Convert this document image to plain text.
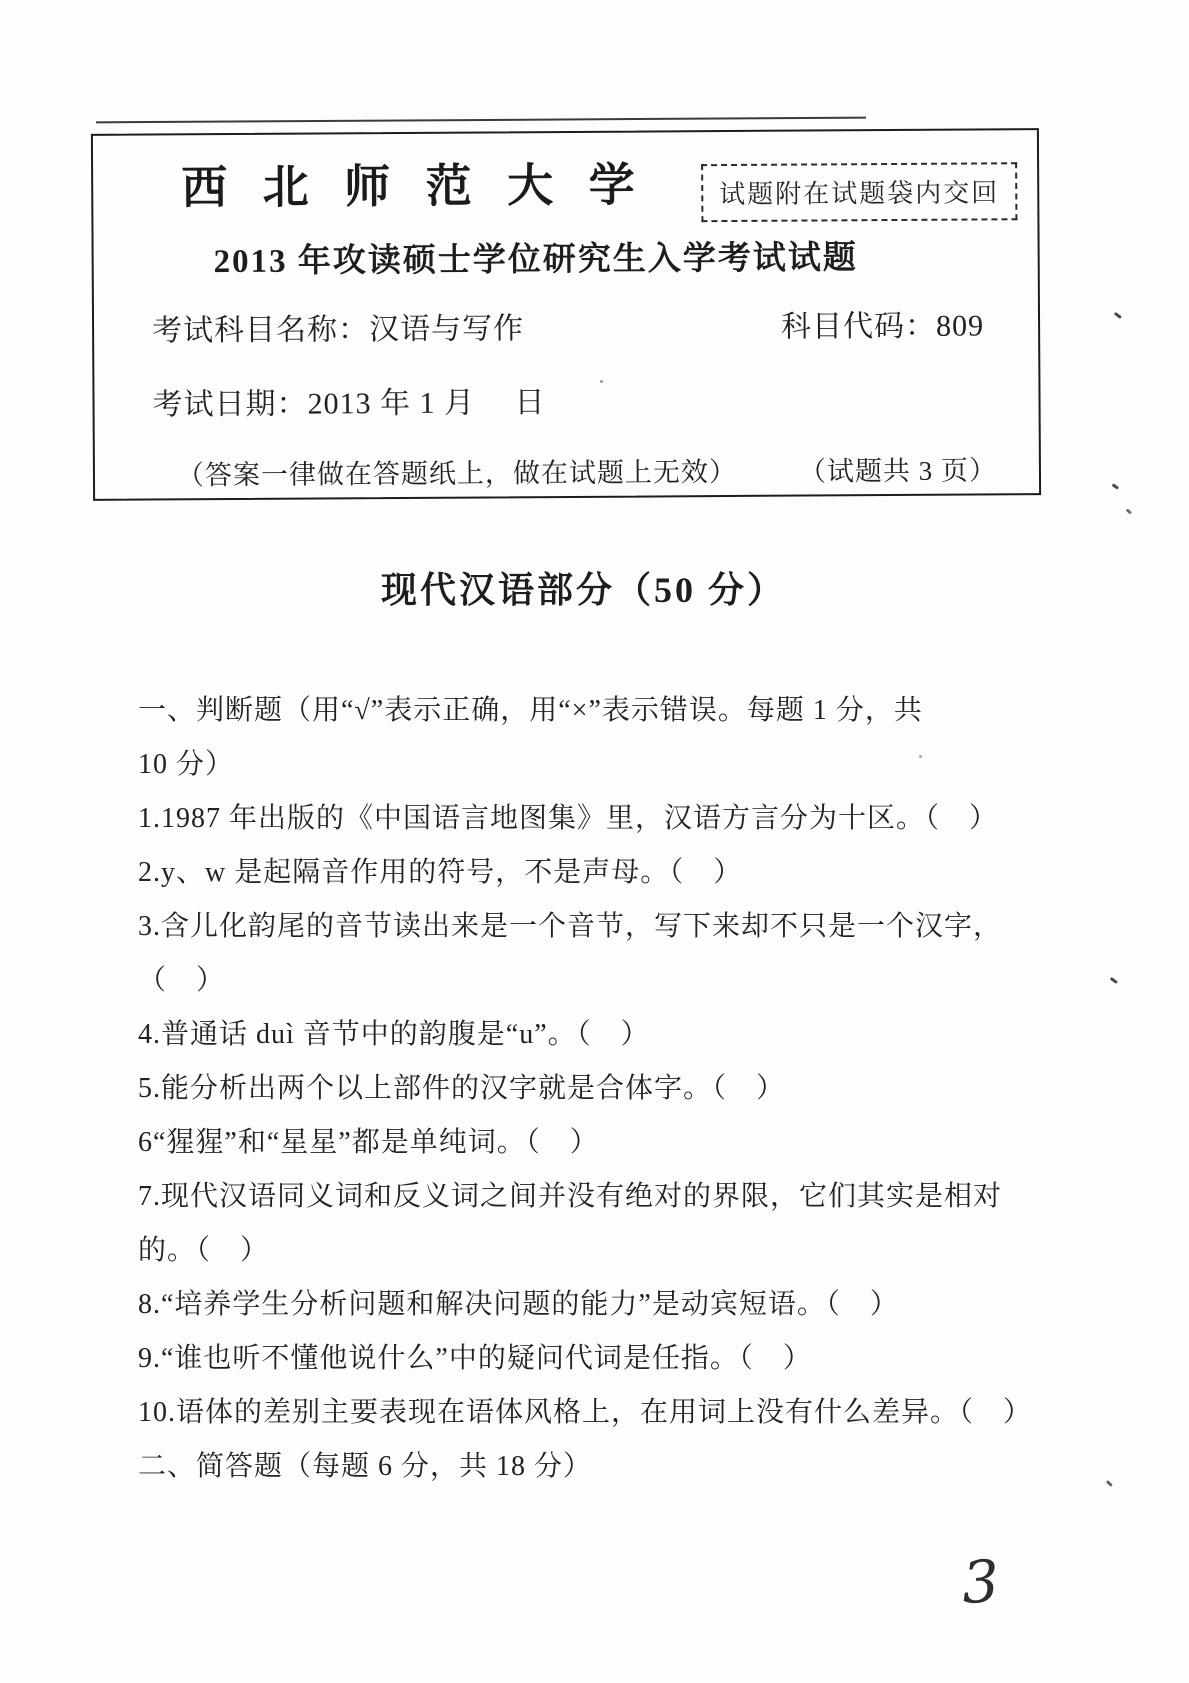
西 北 师 范 大 学	试题附在试题袋内交回
2013 年攻读硕士学位研究生入学考试试题
考试科目名称：汉语与写作	科目代码：809
考试日期：2013 年 1 月　 日
（答案一律做在答题纸上，做在试题上无效） （试题共 3 页）
现代汉语部分（50 分）

一、判断题（用“√”表示正确，用“×”表示错误。每题 1 分，共

10 分）

1.1987 年出版的《中国语言地图集》里，汉语方言分为十区。（　）

2.y、w 是起隔音作用的符号，不是声母。（　）

3.含儿化韵尾的音节读出来是一个音节，写下来却不只是一个汉字，

（　）

4.普通话 duì 音节中的韵腹是“u”。（　）

5.能分析出两个以上部件的汉字就是合体字。（　）

6“猩猩”和“星星”都是单纯词。（　）

7.现代汉语同义词和反义词之间并没有绝对的界限，它们其实是相对

的。（　）

8.“培养学生分析问题和解决问题的能力”是动宾短语。（　）

9.“谁也听不懂他说什么”中的疑问代词是任指。（　）

10.语体的差别主要表现在语体风格上，在用词上没有什么差异。（　）

二、简答题（每题 6 分，共 18 分）

3
